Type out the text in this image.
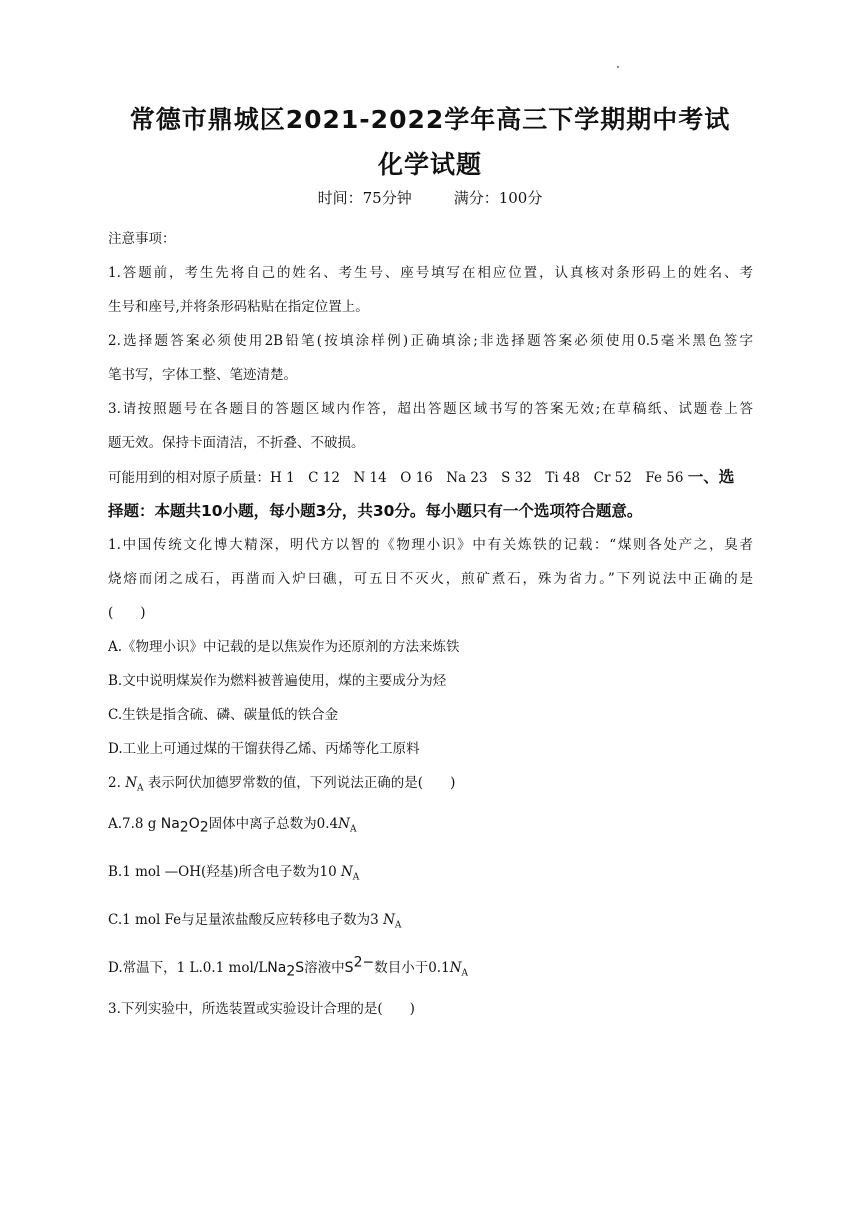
常德市鼎城区2021-2022学年高三下学期期中考试
化学试题
时间：75分钟	满分：100分
注意事项：
1.答题前，考生先将自己的姓名、考生号、座号填写在相应位置，认真核对条形码上的姓名、考
生号和座号,并将条形码粘贴在指定位置上。
2.选择题答案必须使用2B铅笔(按填涂样例)正确填涂;非选择题答案必须使用0.5毫米黑色签字
笔书写，字体工整、笔迹清楚。
3.请按照题号在各题目的答题区域内作答，超出答题区域书写的答案无效;在草稿纸、试题卷上答
题无效。保持卡面清洁，不折叠、不破损。
可能用到的相对原子质量：H 1　C 12　N 14　O 16　Na 23　S 32　Ti 48　Cr 52　Fe 56 一、选
择题：本题共10小题，每小题3分，共30分。每小题只有一个选项符合题意。
1.中国传统文化博大精深，明代方以智的《物理小识》中有关炼铁的记载：“煤则各处产之，臭者
烧熔而闭之成石，再凿而入炉曰礁，可五日不灭火，煎矿煮石，殊为省力。”下列说法中正确的是
(　　)
A.《物理小识》中记载的是以焦炭作为还原剂的方法来炼铁
B.文中说明煤炭作为燃料被普遍使用，煤的主要成分为烃
C.生铁是指含硫、磷、碳量低的铁合金
D.工业上可通过煤的干馏获得乙烯、丙烯等化工原料
2. $N_A$ 表示阿伏加德罗常数的值，下列说法正确的是(　　)
A.7.8 g $Na_2O_2$固体中离子总数为$0.4N_A$
B.1 mol —OH(羟基)所含电子数为10 $N_A$
C.1 mol Fe与足量浓盐酸反应转移电子数为3 $N_A$
D.常温下，1 L.0.1 mol/LNa$_2$S溶液中$S^{2-}$数目小于$0.1N_A$
3.下列实验中，所选装置或实验设计合理的是(　　)
